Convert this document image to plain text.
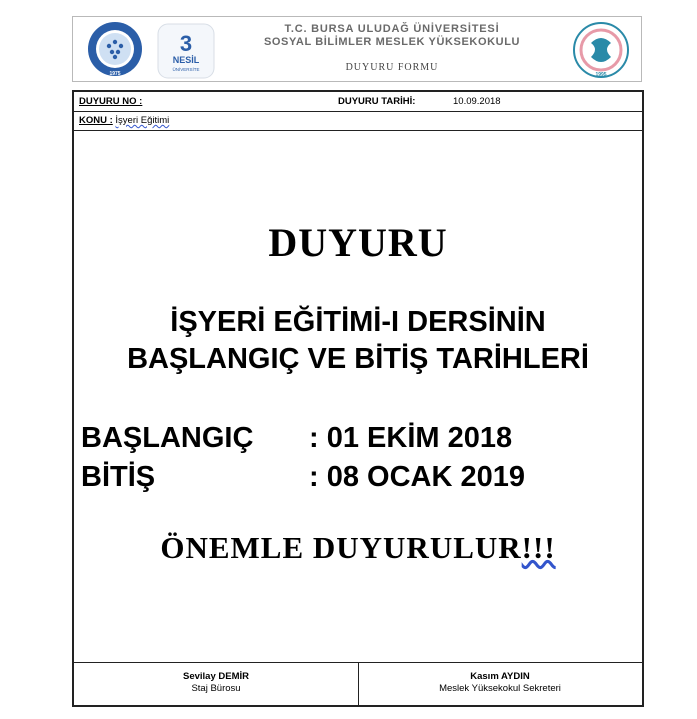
1975
3
NESİL
ÜNİVERSİTE
T.C. BURSA ULUDAĞ ÜNİVERSİTESİ
SOSYAL BİLİMLER MESLEK YÜKSEKOKULU
DUYURU FORMU
1995
DUYURU NO :	DUYURU TARİHİ:	10.09.2018
KONU : İşyeri Eğitimi
DUYURU
İŞYERİ EĞİTİMİ-I DERSİNİN
BAŞLANGIÇ VE BİTİŞ TARİHLERİ
BAŞLANGIÇ : 01 EKİM 2018
BİTİŞ	: 08 OCAK 2019
ÖNEMLE DUYURULUR!!!
Sevilay DEMİR
Staj Bürosu
Kasım AYDIN
Meslek Yüksekokul Sekreteri
